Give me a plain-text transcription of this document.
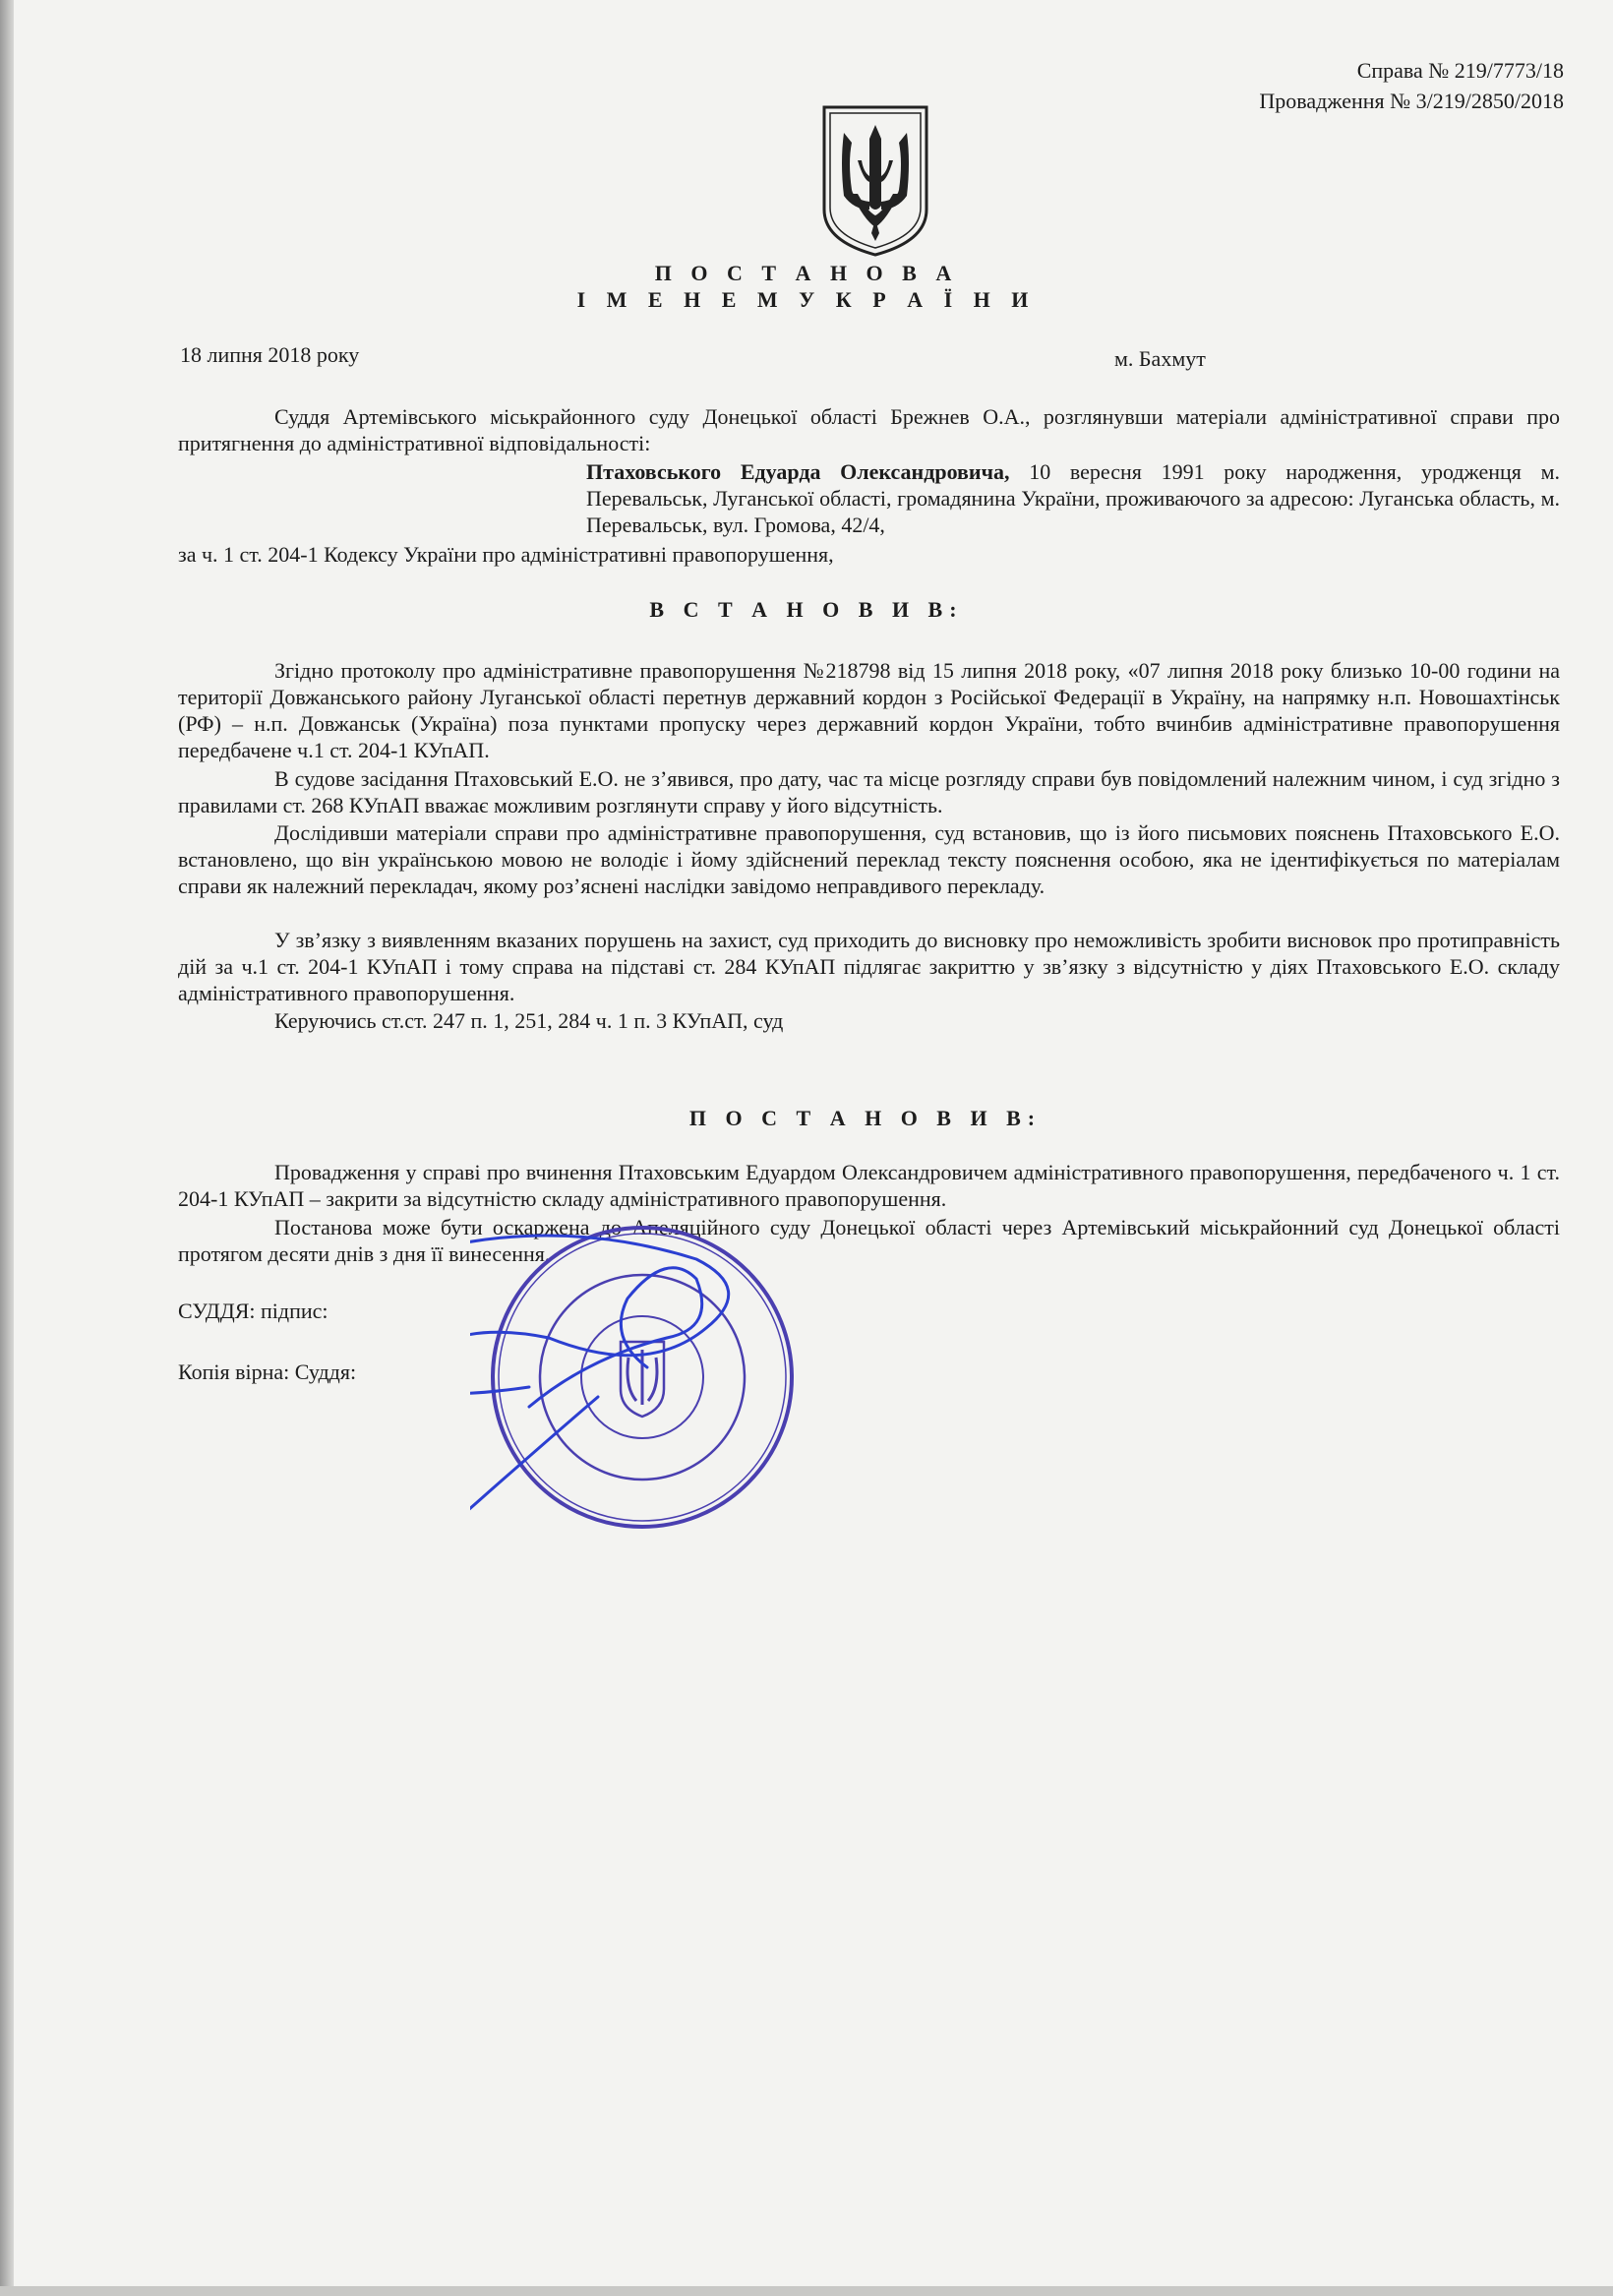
Справа № 219/7773/18
Провадження № 3/219/2850/2018
П О С Т А Н О В А
І М Е Н Е М У К Р А Ї Н И
18 липня 2018 року	м. Бахмут
Суддя Артемівського міськрайонного суду Донецької області Брежнев О.А., розглянувши матеріали адміністративної справи про притягнення до адміністративної відповідальності:
Птаховського Едуарда Олександровича, 10 вересня 1991 року народження, уродженця м. Перевальськ, Луганської області, громадянина України, проживаючого за адресою: Луганська область, м. Перевальськ, вул. Громова, 42/4,
за ч. 1 ст. 204-1 Кодексу України про адміністративні правопорушення,
В С Т А Н О В И В:
Згідно протоколу про адміністративне правопорушення №218798 від 15 липня 2018 року, «07 липня 2018 року близько 10-00 години на території Довжанського району Луганської області перетнув державний кордон з Російської Федерації в Україну, на напрямку н.п. Новошахтінськ (РФ) – н.п. Довжанськ (Україна) поза пунктами пропуску через державний кордон України, тобто вчинбив адміністративне правопорушення передбачене ч.1 ст. 204-1 КУпАП.
В судове засідання Птаховський Е.О. не з’явився, про дату, час та місце розгляду справи був повідомлений належним чином, і суд згідно з правилами ст. 268 КУпАП вважає можливим розглянути справу у його відсутність.
Дослідивши матеріали справи про адміністративне правопорушення, суд встановив, що із його письмових пояснень Птаховського Е.О. встановлено, що він українською мовою не володіє і йому здійснений переклад тексту пояснення особою, яка не ідентифікується по матеріалам справи як належний перекладач, якому роз’яснені наслідки завідомо неправдивого перекладу.
У зв’язку з виявленням вказаних порушень на захист, суд приходить до висновку про неможливість зробити висновок про протиправність дій за ч.1 ст. 204-1 КУпАП і тому справа на підставі ст. 284 КУпАП підлягає закриттю у зв’язку з відсутністю у діях Птаховського Е.О. складу адміністративного правопорушення.
Керуючись ст.ст. 247 п. 1, 251, 284 ч. 1 п. 3 КУпАП, суд
П О С Т А Н О В И В:
Провадження у справі про вчинення Птаховським Едуардом Олександровичем адміністративного правопорушення, передбаченого ч. 1 ст. 204-1 КУпАП – закрити за відсутністю складу адміністративного правопорушення.
Постанова може бути оскаржена до Апеляційного суду Донецької області через Артемівський міськрайонний суд Донецької області протягом десяти днів з дня її винесення.
СУДДЯ: підпис:
Копія вірна: Суддя:
